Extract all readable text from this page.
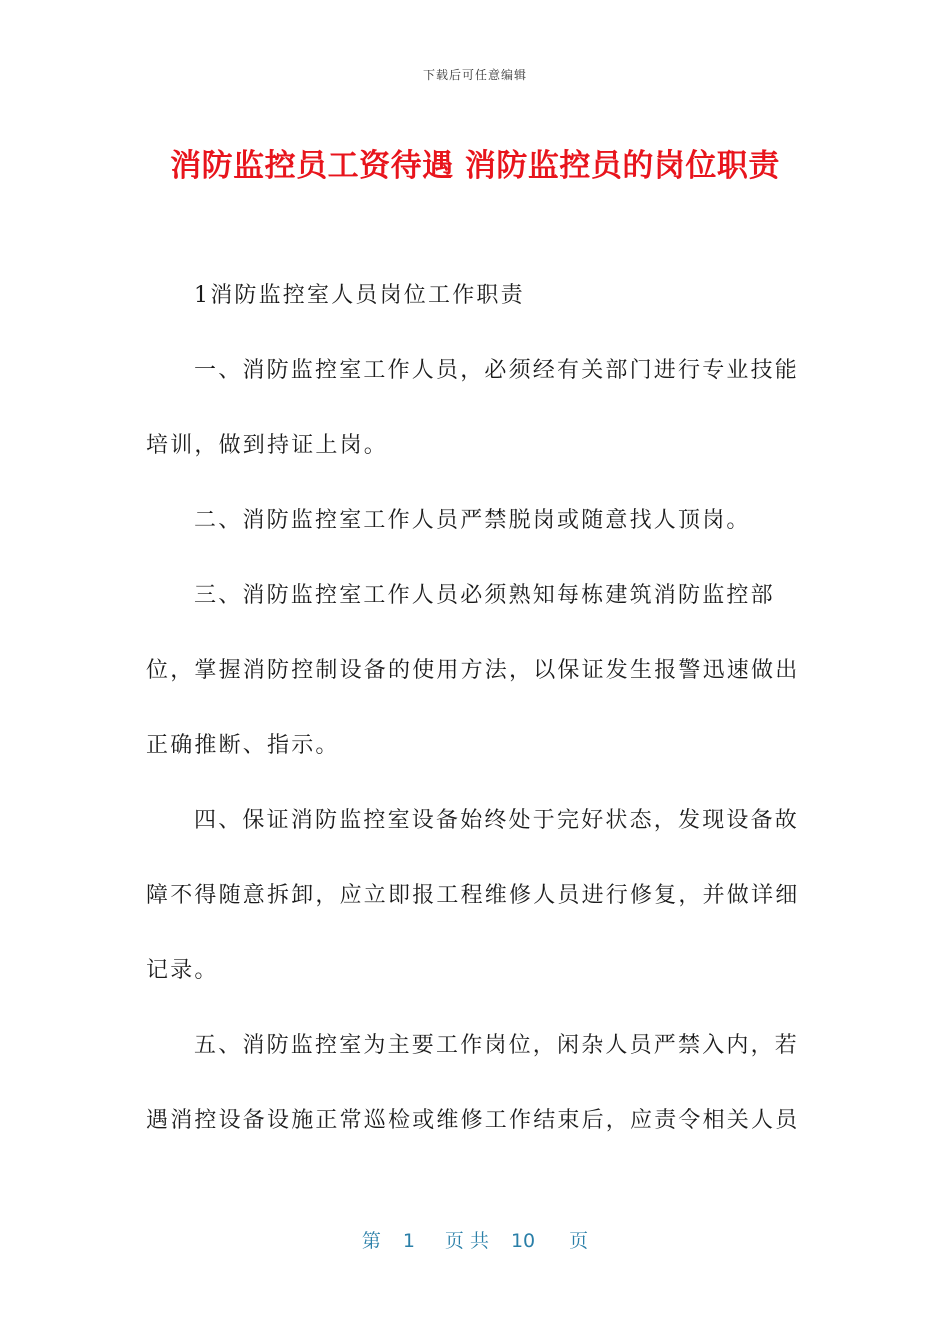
下载后可任意编辑
消防监控员工资待遇 消防监控员的岗位职责

1消防监控室人员岗位工作职责

一、消防监控室工作人员，必须经有关部门进行专业技能培训，做到持证上岗。

二、消防监控室工作人员严禁脱岗或随意找人顶岗。

三、消防监控室工作人员必须熟知每栋建筑消防监控部位，掌握消防控制设备的使用方法，以保证发生报警迅速做出正确推断、指示。

四、保证消防监控室设备始终处于完好状态，发现设备故障不得随意拆卸，应立即报工程维修人员进行修复，并做详细记录。

五、消防监控室为主要工作岗位，闲杂人员严禁入内，若遇消控设备设施正常巡检或维修工作结束后，应责令相关人员

第 1 页 共 10 页
